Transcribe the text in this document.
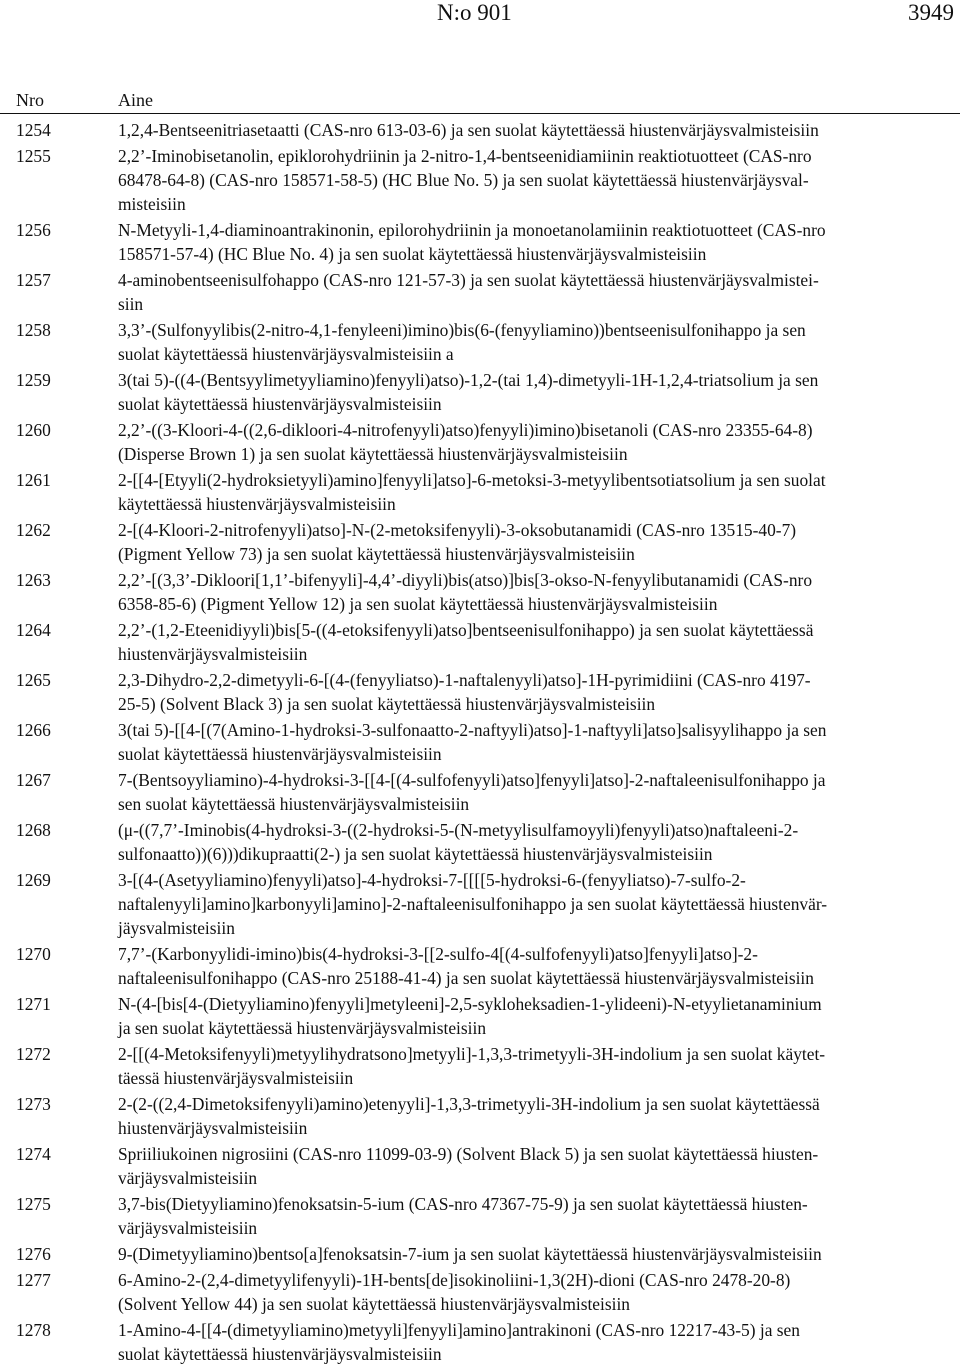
N:o 901	3949
Nro	Aine
1254	1,2,4-Bentseenitriasetaatti (CAS-nro 613-03-6) ja sen suolat käytettäessä hiustenvärjäysvalmisteisiin
1255	2,2’-Iminobisetanolin, epiklorohydriinin ja 2-nitro-1,4-bentseenidiamiinin reaktiotuotteet (CAS-nro
68478-64-8) (CAS-nro 158571-58-5) (HC Blue No. 5) ja sen suolat käytettäessä hiustenvärjäysval-
misteisiin
1256	N-Metyyli-1,4-diaminoantrakinonin, epilorohydriinin ja monoetanolamiinin reaktiotuotteet (CAS-nro
158571-57-4) (HC Blue No. 4) ja sen suolat käytettäessä hiustenvärjäysvalmisteisiin
1257	4-aminobentseenisulfohappo (CAS-nro 121-57-3) ja sen suolat käytettäessä hiustenvärjäysvalmistei-
siin
1258	3,3’-(Sulfonyylibis(2-nitro-4,1-fenyleeni)imino)bis(6-(fenyyliamino))bentseenisulfonihappo ja sen
suolat käytettäessä hiustenvärjäysvalmisteisiin a
1259	3(tai 5)-((4-(Bentsyylimetyyliamino)fenyyli)atso)-1,2-(tai 1,4)-dimetyyli-1H-1,2,4-triatsolium ja sen
suolat käytettäessä hiustenvärjäysvalmisteisiin
1260	2,2’-((3-Kloori-4-((2,6-dikloori-4-nitrofenyyli)atso)fenyyli)imino)bisetanoli (CAS-nro 23355-64-8)
(Disperse Brown 1) ja sen suolat käytettäessä hiustenvärjäysvalmisteisiin
1261	2-[[4-[Etyyli(2-hydroksietyyli)amino]fenyyli]atso]-6-metoksi-3-metyylibentsotiatsolium ja sen suolat
käytettäessä hiustenvärjäysvalmisteisiin
1262	2-[(4-Kloori-2-nitrofenyyli)atso]-N-(2-metoksifenyyli)-3-oksobutanamidi (CAS-nro 13515-40-7)
(Pigment Yellow 73) ja sen suolat käytettäessä hiustenvärjäysvalmisteisiin
1263	2,2’-[(3,3’-Dikloori[1,1’-bifenyyli]-4,4’-diyyli)bis(atso)]bis[3-okso-N-fenyylibutanamidi (CAS-nro
6358-85-6) (Pigment Yellow 12) ja sen suolat käytettäessä hiustenvärjäysvalmisteisiin
1264	2,2’-(1,2-Eteenidiyyli)bis[5-((4-etoksifenyyli)atso]bentseenisulfonihappo) ja sen suolat käytettäessä
hiustenvärjäysvalmisteisiin
1265	2,3-Dihydro-2,2-dimetyyli-6-[(4-(fenyyliatso)-1-naftalenyyli)atso]-1H-pyrimidiini (CAS-nro 4197-
25-5) (Solvent Black 3) ja sen suolat käytettäessä hiustenvärjäysvalmisteisiin
1266	3(tai 5)-[[4-[(7(Amino-1-hydroksi-3-sulfonaatto-2-naftyyli)atso]-1-naftyyli]atso]salisyylihappo ja sen
suolat käytettäessä hiustenvärjäysvalmisteisiin
1267	7-(Bentsoyyliamino)-4-hydroksi-3-[[4-[(4-sulfofenyyli)atso]fenyyli]atso]-2-naftaleenisulfonihappo ja
sen suolat käytettäessä hiustenvärjäysvalmisteisiin
1268	(μ-((7,7’-Iminobis(4-hydroksi-3-((2-hydroksi-5-(N-metyylisulfamoyyli)fenyyli)atso)naftaleeni-2-
sulfonaatto))(6)))dikupraatti(2-) ja sen suolat käytettäessä hiustenvärjäysvalmisteisiin
1269	3-[(4-(Asetyyliamino)fenyyli)atso]-4-hydroksi-7-[[[[5-hydroksi-6-(fenyyliatso)-7-sulfo-2-
naftalenyyli]amino]karbonyyli]amino]-2-naftaleenisulfonihappo ja sen suolat käytettäessä hiustenvär-
jäysvalmisteisiin
1270	7,7’-(Karbonyylidi-imino)bis(4-hydroksi-3-[[2-sulfo-4[(4-sulfofenyyli)atso]fenyyli]atso]-2-
naftaleenisulfonihappo (CAS-nro 25188-41-4) ja sen suolat käytettäessä hiustenvärjäysvalmisteisiin
1271	N-(4-[bis[4-(Dietyyliamino)fenyyli]metyleeni]-2,5-sykloheksadien-1-ylideeni)-N-etyylietanaminium
ja sen suolat käytettäessä hiustenvärjäysvalmisteisiin
1272	2-[[(4-Metoksifenyyli)metyylihydratsono]metyyli]-1,3,3-trimetyyli-3H-indolium ja sen suolat käytet-
täessä hiustenvärjäysvalmisteisiin
1273	2-(2-((2,4-Dimetoksifenyyli)amino)etenyyli]-1,3,3-trimetyyli-3H-indolium ja sen suolat käytettäessä
hiustenvärjäysvalmisteisiin
1274	Spriiliukoinen nigrosiini (CAS-nro 11099-03-9) (Solvent Black 5) ja sen suolat käytettäessä hiusten-
värjäysvalmisteisiin
1275	3,7-bis(Dietyyliamino)fenoksatsin-5-ium (CAS-nro 47367-75-9) ja sen suolat käytettäessä hiusten-
värjäysvalmisteisiin
1276	9-(Dimetyyliamino)bentso[a]fenoksatsin-7-ium ja sen suolat käytettäessä hiustenvärjäysvalmisteisiin
1277	6-Amino-2-(2,4-dimetyylifenyyli)-1H-bents[de]isokinoliini-1,3(2H)-dioni (CAS-nro 2478-20-8)
(Solvent Yellow 44) ja sen suolat käytettäessä hiustenvärjäysvalmisteisiin
1278	1-Amino-4-[[4-(dimetyyliamino)metyyli]fenyyli]amino]antrakinoni (CAS-nro 12217-43-5) ja sen
suolat käytettäessä hiustenvärjäysvalmisteisiin
